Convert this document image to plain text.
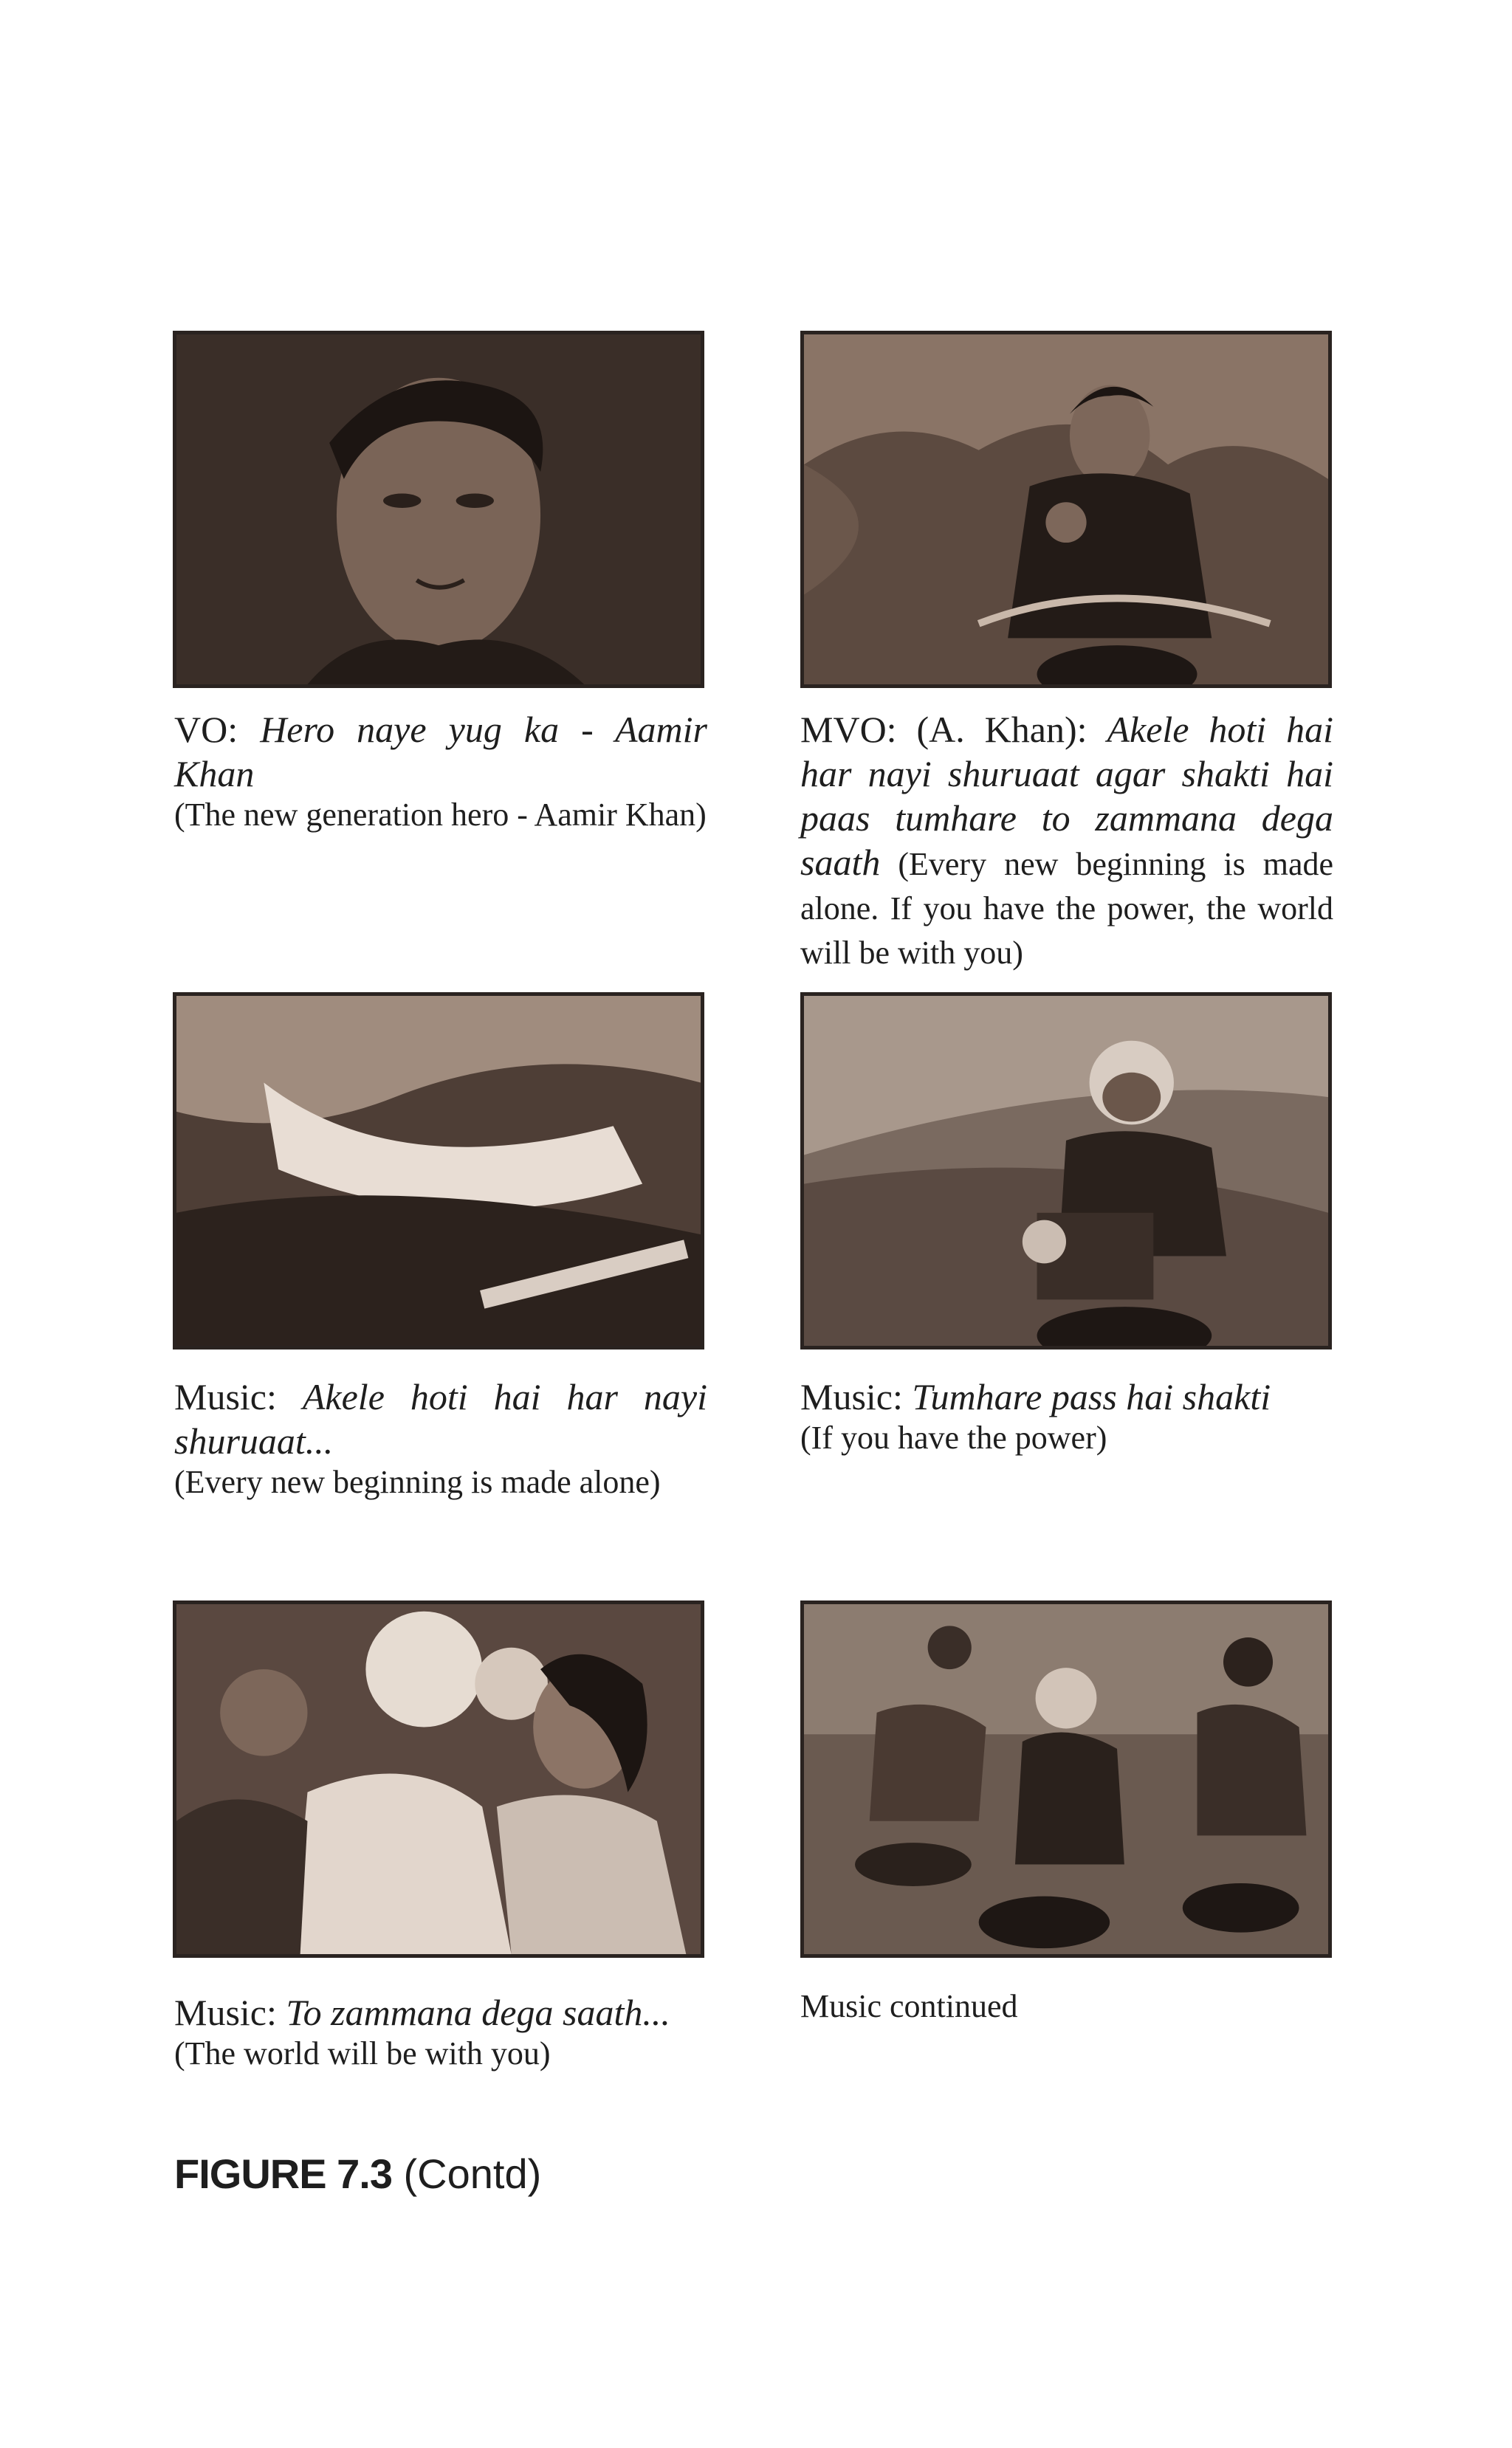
VO: Hero naye yug ka - Aamir Khan
(The new generation hero - Aamir Khan)
MVO: (A. Khan): Akele hoti hai har nayi shuruaat agar shakti hai paas tumhare to zammana dega saath (Every new beginning is made alone. If you have the power, the world will be with you)
Music: Akele hoti hai har nayi shuruaat...
(Every new beginning is made alone)
Music: Tumhare pass hai shakti
(If you have the power)
Music: To zammana dega saath...
(The world will be with you)
Music continued
FIGURE 7.3 (Contd)
